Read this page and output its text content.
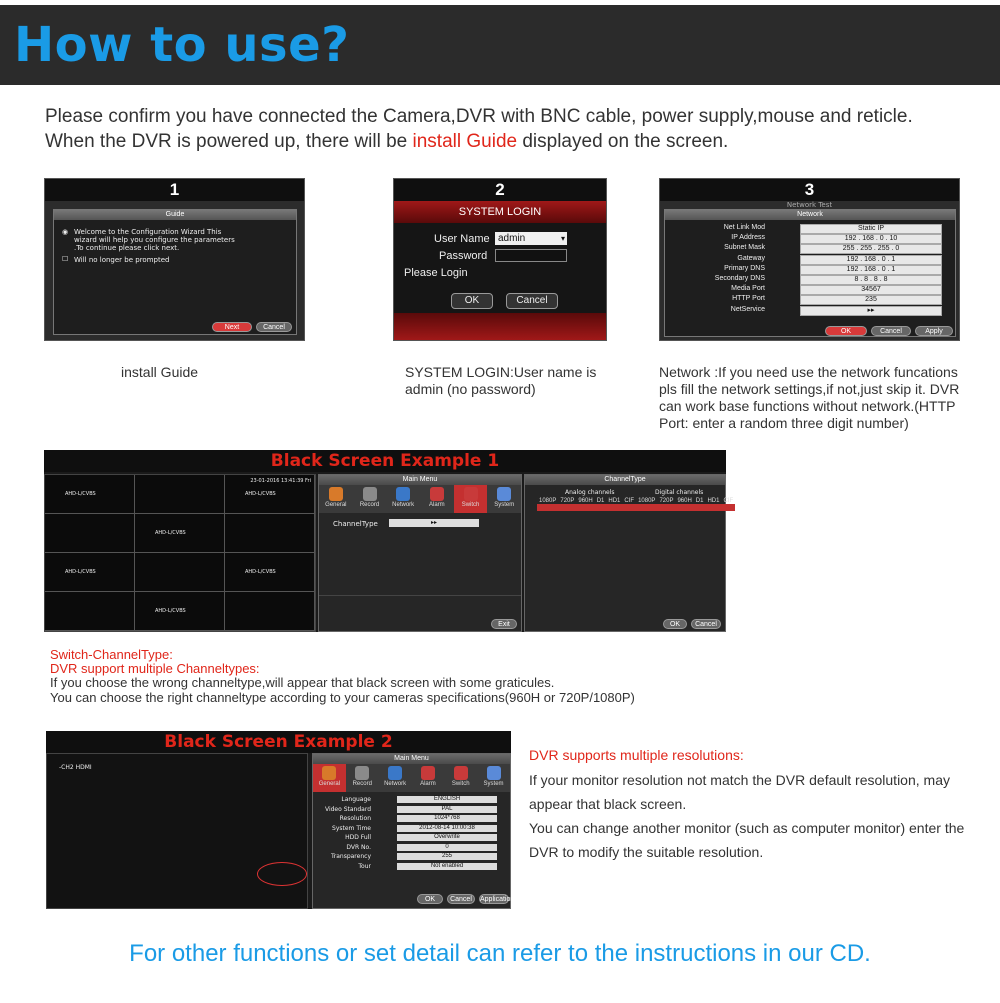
How to use?
Please confirm you have connected the Camera,DVR with BNC cable, power supply,mouse and reticle.
When the DVR is powered up, there will be install Guide displayed on the screen.
1
Guide
◉ Welcome to the Configuration Wizard This wizard will help you configure the parameters .To continue please click next.
☐ Will no longer be prompted
Next	Cancel
install Guide
2
SYSTEM LOGIN
User Name admin	▾
Password
Please Login
OK	Cancel
SYSTEM LOGIN:User name is admin (no password)
3
Network Test
Network
Net Link Mod	Static IP
IP Address	192 . 168 . 0 . 10
Subnet Mask	255 . 255 . 255 . 0
Gateway	192 . 168 . 0 . 1
Primary DNS	192 . 168 . 0 . 1
Secondary DNS	8 . 8 . 8 . 8
Media Port	34567
HTTP Port	235
NetService	▸▸
OK	Cancel	Apply
Network :If you need use the network funcations pls fill the network settings,if not,just skip it. DVR can work base functions without network.(HTTP Port: enter a random three digit number)
Black Screen Example 1
23-01-2016 13:41:39 Fri
AHD-L/CVBS	AHD-L/CVBS
AHD-L/CVBS
AHD-L/CVBS	AHD-L/CVBS
AHD-L/CVBS
Main Menu
General	Record	Network	Alarm	Switch	System
ChannelType	▸▸
Exit
ChannelType
Analog channels	Digital channels
1080P	720P	960H	D1	HD1	CIF	1080P	720P	960H	D1	HD1	CIF

OK	Cancel
Switch-ChannelType:
DVR support multiple Channeltypes:
If you choose the wrong channeltype,will appear that black screen with some graticules.
You can choose the right channeltype according to your cameras specifications(960H or 720P/1080P)
Black Screen Example 2
-CH2 HDMI
Main Menu
General	Record	Network	Alarm	Switch	System
Language	ENGLISH
Video Standard	PAL
Resolution	1024*768
System Time	2012-08-14 10:00:38
HDD Full	Overwrite
DVR No.	0
Transparency	255
Tour	Not enabled
OK	Cancel	Application
DVR supports multiple resolutions:
If your monitor resolution not match the DVR default resolution, may appear that black screen.
You can change another monitor (such as computer monitor) enter the DVR to modify the suitable resolution.
For other functions or set detail can refer to the instructions in our CD.
